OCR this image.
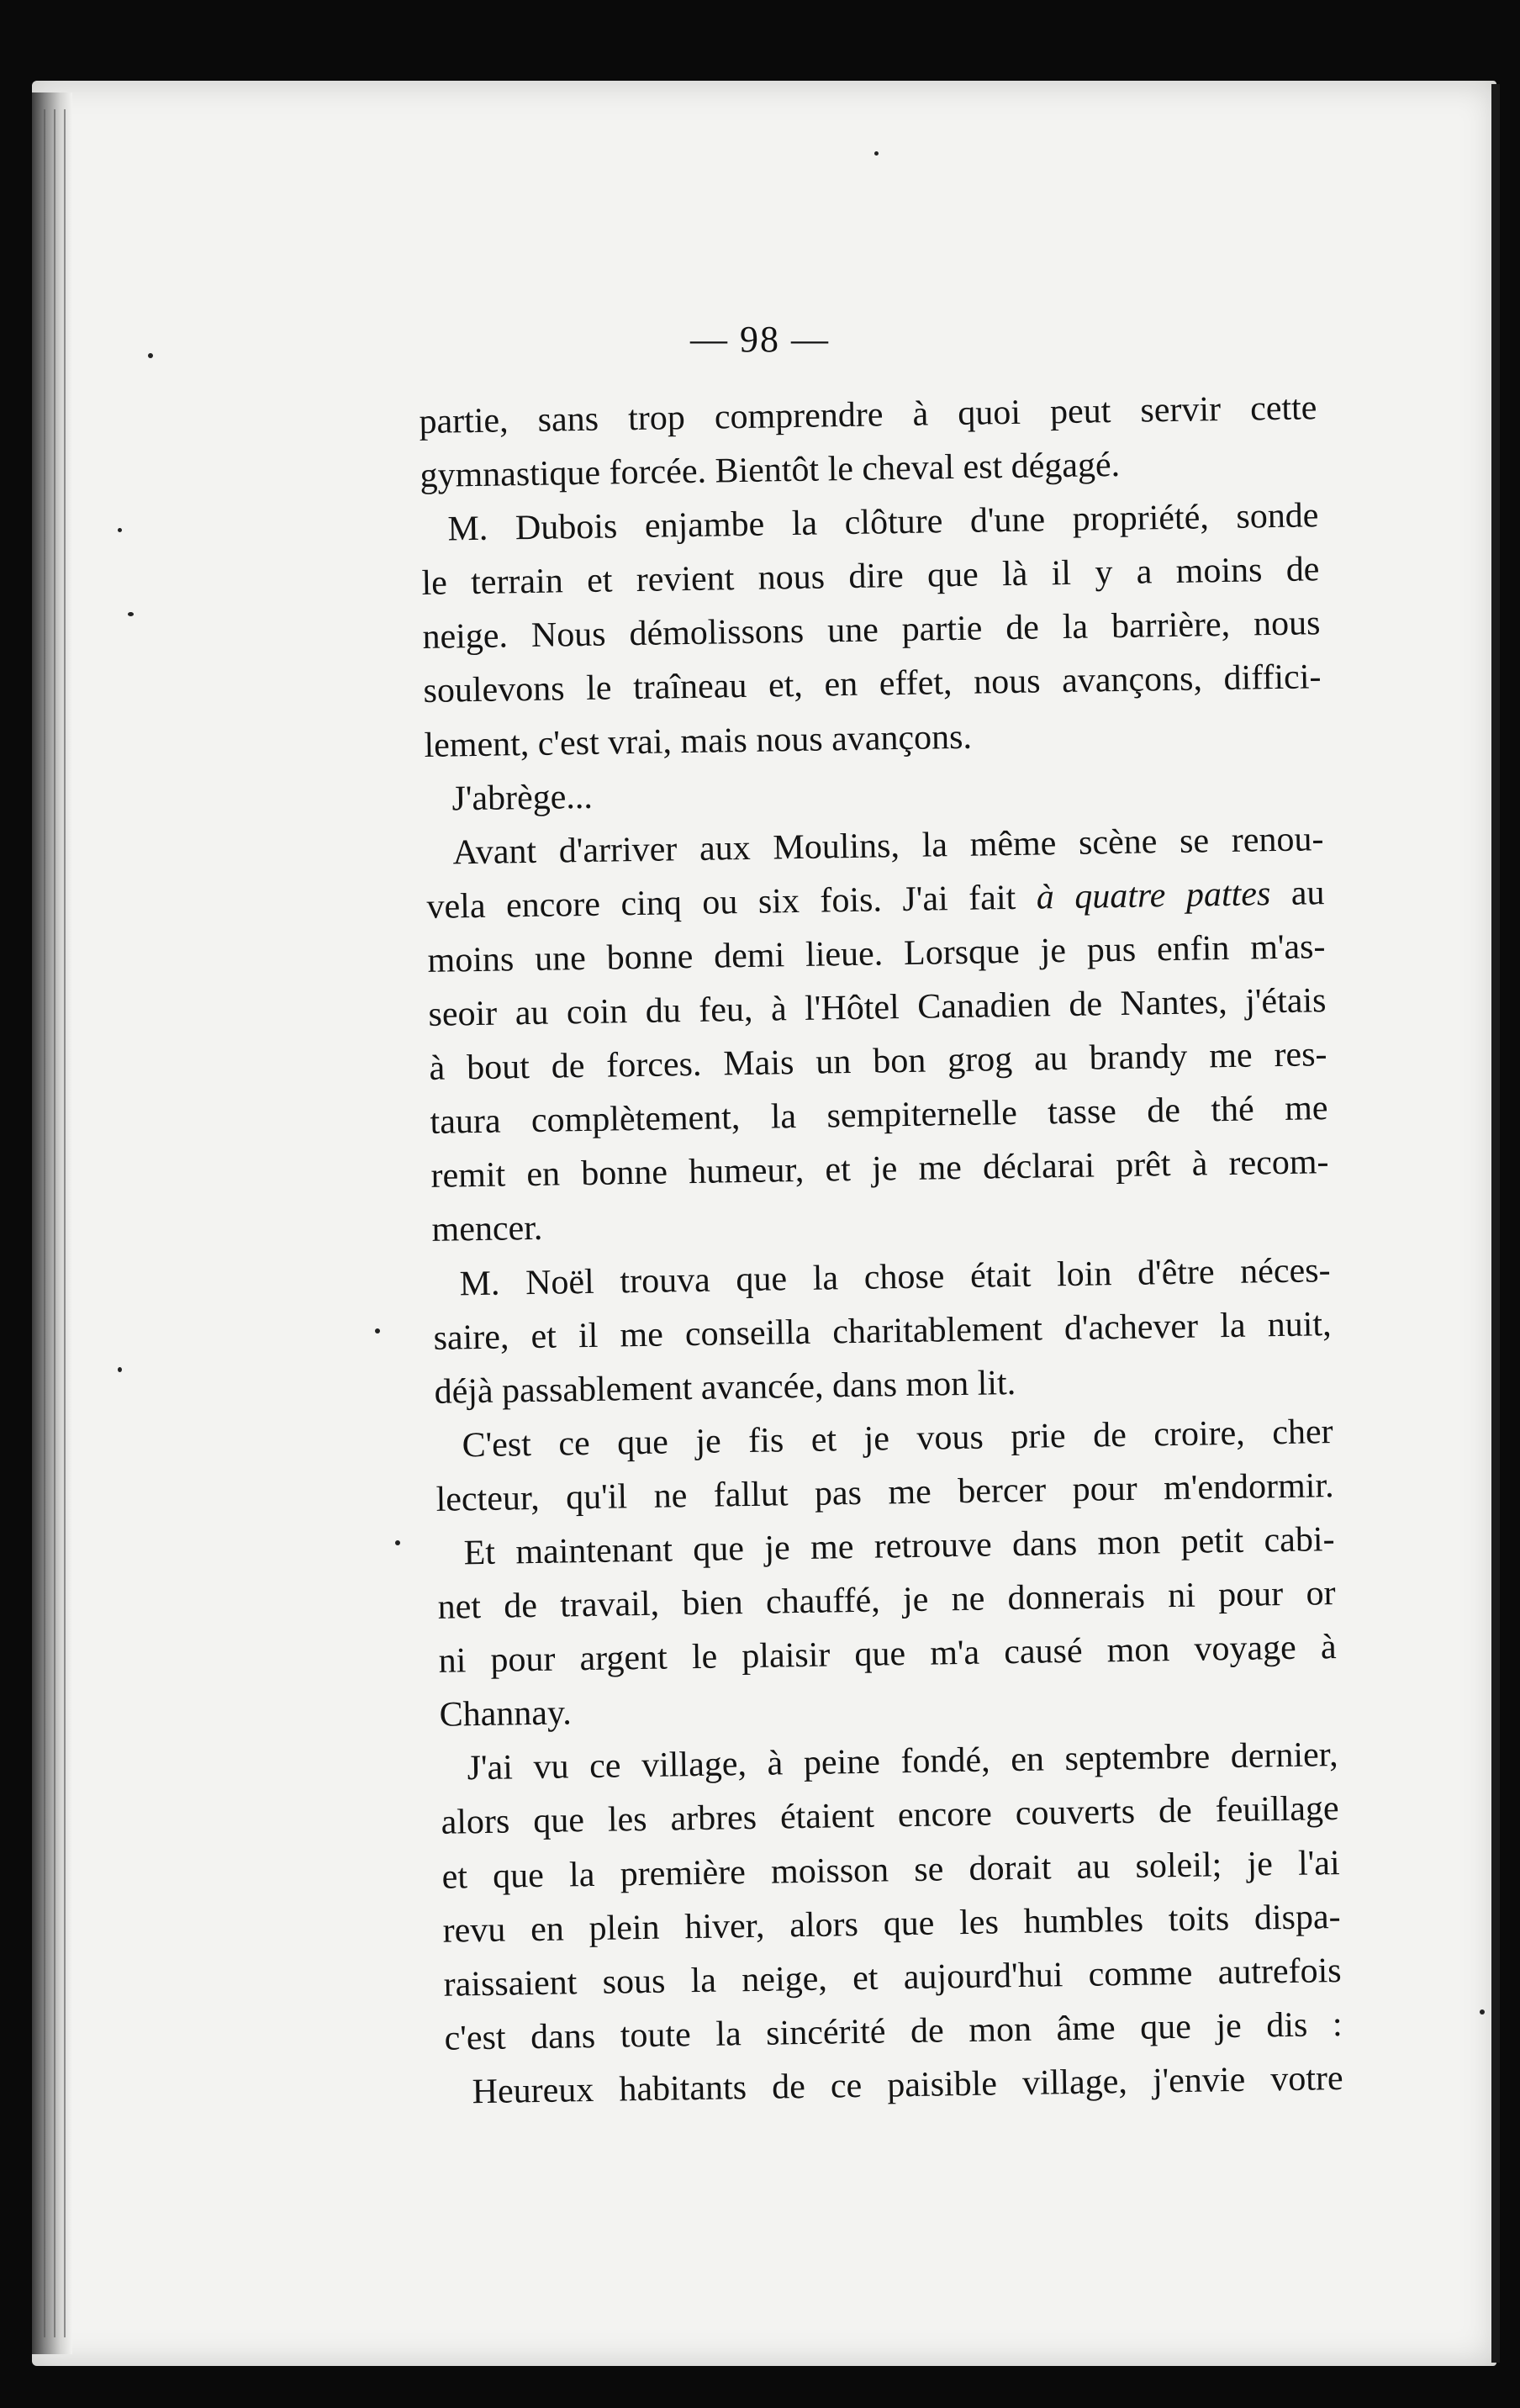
— 98 —
partie, sans trop comprendre à quoi peut servir cette
gymnastique forcée. Bientôt le cheval est dégagé.
M. Dubois enjambe la clôture d'une propriété, sonde
le terrain et revient nous dire que là il y a moins de
neige. Nous démolissons une partie de la barrière, nous
soulevons le traîneau et, en effet, nous avançons, diffici-
lement, c'est vrai, mais nous avançons.
J'abrège...
Avant d'arriver aux Moulins, la même scène se renou-
vela encore cinq ou six fois. J'ai fait à quatre pattes au
moins une bonne demi lieue. Lorsque je pus enfin m'as-
seoir au coin du feu, à l'Hôtel Canadien de Nantes, j'étais
à bout de forces. Mais un bon grog au brandy me res-
taura complètement, la sempiternelle tasse de thé me
remit en bonne humeur, et je me déclarai prêt à recom-
mencer.
M. Noël trouva que la chose était loin d'être néces-
saire, et il me conseilla charitablement d'achever la nuit,
déjà passablement avancée, dans mon lit.
C'est ce que je fis et je vous prie de croire, cher
lecteur, qu'il ne fallut pas me bercer pour m'endormir.
Et maintenant que je me retrouve dans mon petit cabi-
net de travail, bien chauffé, je ne donnerais ni pour or
ni pour argent le plaisir que m'a causé mon voyage à
Channay.
J'ai vu ce village, à peine fondé, en septembre dernier,
alors que les arbres étaient encore couverts de feuillage
et que la première moisson se dorait au soleil; je l'ai
revu en plein hiver, alors que les humbles toits dispa-
raissaient sous la neige, et aujourd'hui comme autrefois
c'est dans toute la sincérité de mon âme que je dis :
Heureux habitants de ce paisible village, j'envie votre
